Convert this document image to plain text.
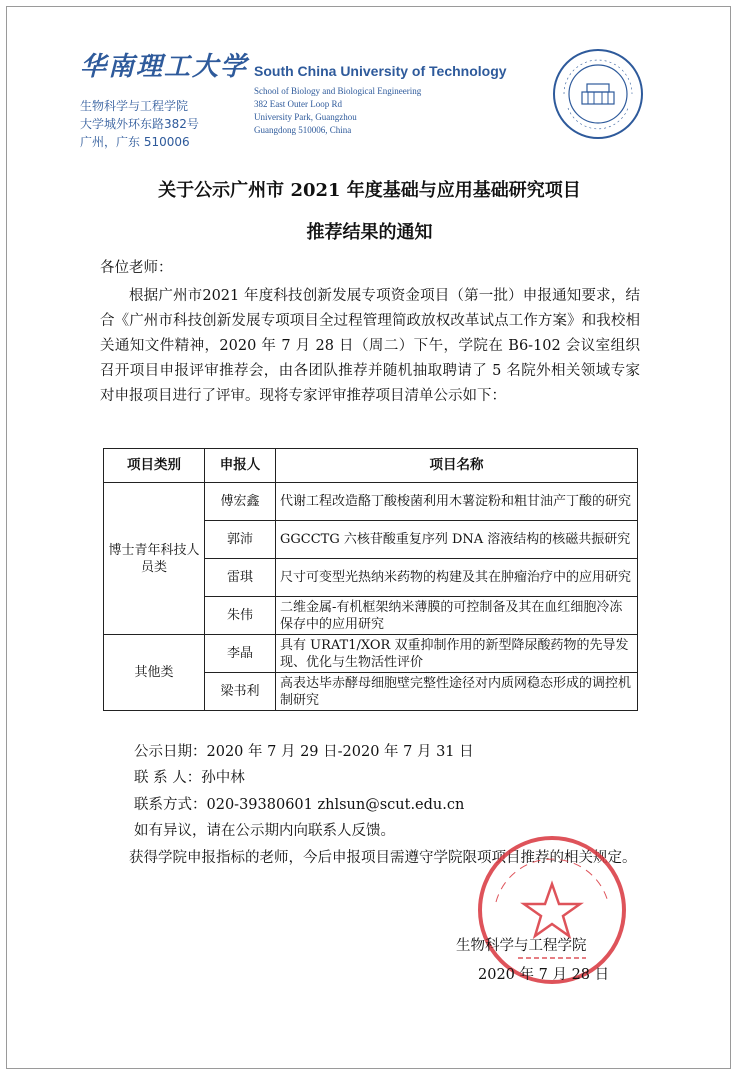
华南理工大学
生物科学与工程学院
大学城外环东路382号
广州，广东 510006
South China University of Technology
School of Biology and Biological Engineering
382 East Outer Loop Rd
University Park, Guangzhou
Guangdong 510006, China
关于公示广州市 2021 年度基础与应用基础研究项目
推荐结果的通知
各位老师：
根据广州市2021 年度科技创新发展专项资金项目（第一批）申报通知要求，结合《广州市科技创新发展专项项目全过程管理简政放权改革试点工作方案》和我校相关通知文件精神，2020 年 7 月 28 日（周二）下午，学院在 B6-102 会议室组织召开项目申报评审推荐会，由各团队推荐并随机抽取聘请了 5 名院外相关领域专家对申报项目进行了评审。现将专家评审推荐项目清单公示如下：
项目类别	申报人	项目名称
博士青年科技人员类	傅宏鑫	代谢工程改造酪丁酸梭菌利用木薯淀粉和粗甘油产丁酸的研究
	郭沛	GGCCTG 六核苷酸重复序列 DNA 溶液结构的核磁共振研究
	雷琪	尺寸可变型光热纳米药物的构建及其在肿瘤治疗中的应用研究
	朱伟	二维金属-有机框架纳米薄膜的可控制备及其在血红细胞冷冻保存中的应用研究
其他类	李晶	具有 URAT1/XOR 双重抑制作用的新型降尿酸药物的先导发现、优化与生物活性评价
	梁书利	高表达毕赤酵母细胞壁完整性途径对内质网稳态形成的调控机制研究
公示日期：2020 年 7 月 29 日-2020 年 7 月 31 日
联 系 人：孙中林
联系方式：020-39380601 zhlsun@scut.edu.cn
如有异议，请在公示期内向联系人反馈。
获得学院申报指标的老师，今后申报项目需遵守学院限项项目推荐的相关规定。
生物科学与工程学院
2020 年 7 月 28 日
